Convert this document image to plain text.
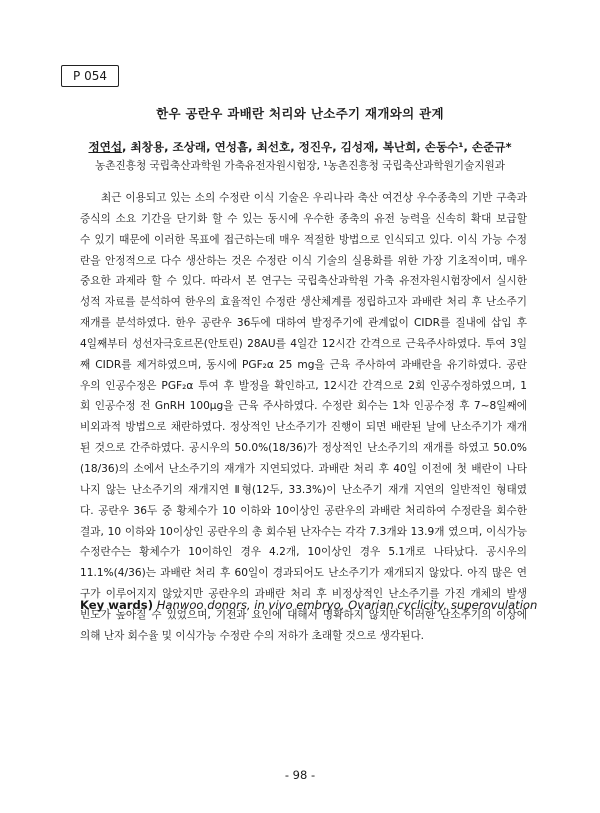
P 054
한우 공란우 과배란 처리와 난소주기 재개와의 관계
정연섭, 최창용, 조상래, 연성흠, 최선호, 정진우, 김성재, 복난희, 손동수¹, 손준규*
농촌진흥청 국립축산과학원 가축유전자원시험장, ¹농촌진흥청 국립축산과학원기술지원과
최근 이용되고 있는 소의 수정란 이식 기술은 우리나라 축산 여건상 우수종축의 기반 구축과
증식의 소요 기간을 단기화 할 수 있는 동시에 우수한 종축의 유전 능력을 신속히 확대 보급할
수 있기 때문에 이러한 목표에 접근하는데 매우 적절한 방법으로 인식되고 있다. 이식 가능 수정
란을 안정적으로 다수 생산하는 것은 수정란 이식 기술의 실용화를 위한 가장 기초적이며, 매우
중요한 과제라 할 수 있다. 따라서 본 연구는 국립축산과학원 가축 유전자원시험장에서 실시한
성적 자료를 분석하여 한우의 효율적인 수정란 생산체계를 정립하고자 과배란 처리 후 난소주기
재개를 분석하였다. 한우 공란우 36두에 대하여 발정주기에 관계없이 CIDR를 질내에 삽입 후
4일째부터 성선자극호르몬(안토린) 28AU를 4일간 12시간 간격으로 근육주사하였다. 투여 3일
째 CIDR를 제거하였으며, 동시에 PGF₂α 25 mg을 근육 주사하여 과배란을 유기하였다. 공란
우의 인공수정은 PGF₂α 투여 후 발정을 확인하고, 12시간 간격으로 2회 인공수정하였으며, 1
회 인공수정 전 GnRH 100μg을 근육 주사하였다. 수정란 회수는 1차 인공수정 후 7~8일째에
비외과적 방법으로 채란하였다. 정상적인 난소주기가 진행이 되면 배란된 날에 난소주기가 재개
된 것으로 간주하였다. 공시우의 50.0%(18/36)가 정상적인 난소주기의 재개를 하였고 50.0%
(18/36)의 소에서 난소주기의 재개가 지연되었다. 과배란 처리 후 40일 이전에 첫 배란이 나타
나지 않는 난소주기의 재개지연 Ⅱ형(12두, 33.3%)이 난소주기 재개 지연의 일반적인 형태였
다. 공란우 36두 중 황체수가 10 이하와 10이상인 공란우의 과배란 처리하여 수정란을 회수한
결과, 10 이하와 10이상인 공란우의 총 회수된 난자수는 각각 7.3개와 13.9개 였으며, 이식가능
수정란수는 황체수가 10이하인 경우 4.2개, 10이상인 경우 5.1개로 나타났다. 공시우의
11.1%(4/36)는 과배란 처리 후 60일이 경과되어도 난소주기가 재개되지 않았다. 아직 많은 연
구가 이루어지지 않았지만 공란우의 과배란 처리 후 비정상적인 난소주기를 가진 개체의 발생
빈도가 높아질 수 있었으며, 기전과 요인에 대해서 명확하지 않지만 이러한 난소주기의 이상에
의해 난자 회수율 및 이식가능 수정란 수의 저하가 초래할 것으로 생각된다.
Key wards) Hanwoo donors, in vivo embryo, Ovarian cyclicity, superovulation
- 98 -
